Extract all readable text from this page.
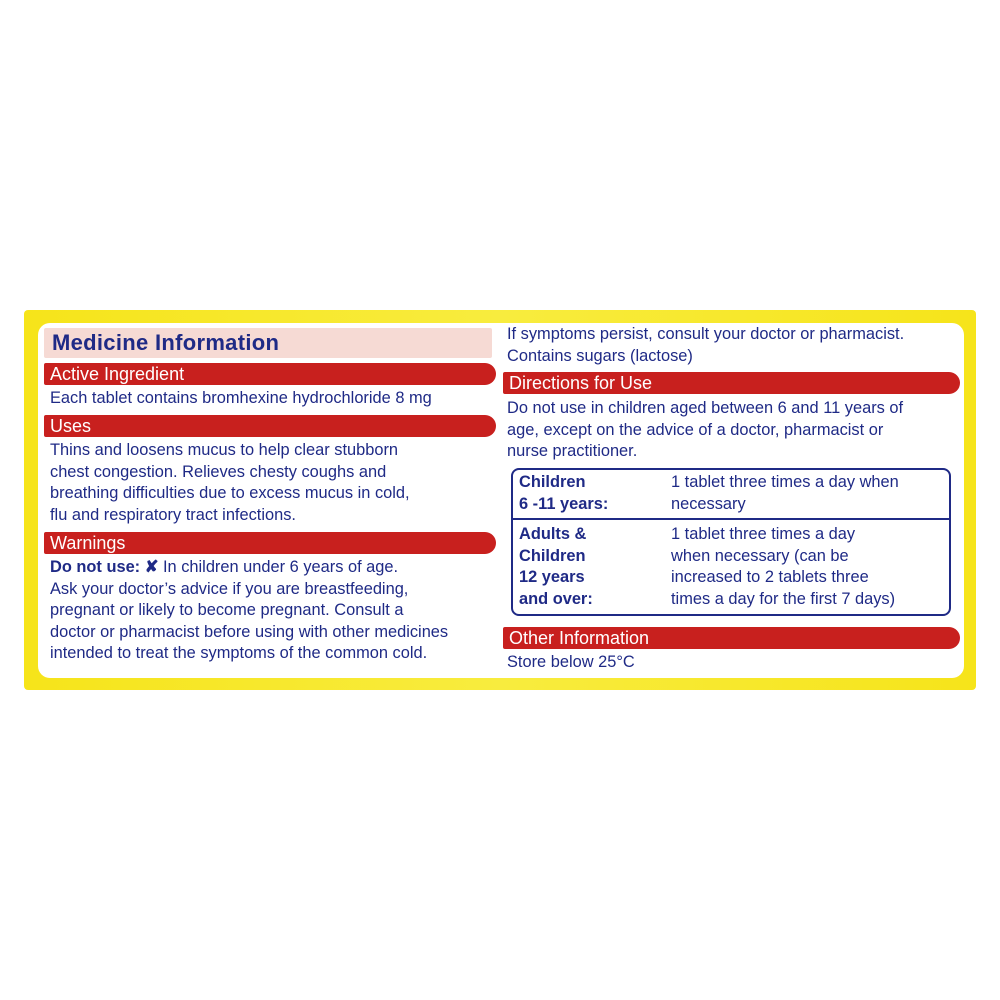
Medicine Information
Active Ingredient

Each tablet contains bromhexine hydrochloride 8 mg

Uses
Thins and loosens mucus to help clear stubborn
chest congestion. Relieves chesty coughs and
breathing difficulties due to excess mucus in cold,
flu and respiratory tract infections.
Warnings
Do not use: ✘ In children under 6 years of age.
Ask your doctor’s advice if you are breastfeeding,
pregnant or likely to become pregnant. Consult a
doctor or pharmacist before using with other medicines
intended to treat the symptoms of the common cold.
If symptoms persist, consult your doctor or pharmacist.
Contains sugars (lactose)
Directions for Use
Do not use in children aged between 6 and 11 years of
age, except on the advice of a doctor, pharmacist or
nurse practitioner.
Children
6 -11 years:
1 tablet three times a day when
necessary
Adults &
Children
12 years
and over:
1 tablet three times a day
when necessary (can be
increased to 2 tablets three
times a day for the first 7 days)
Other Information

Store below 25°C
